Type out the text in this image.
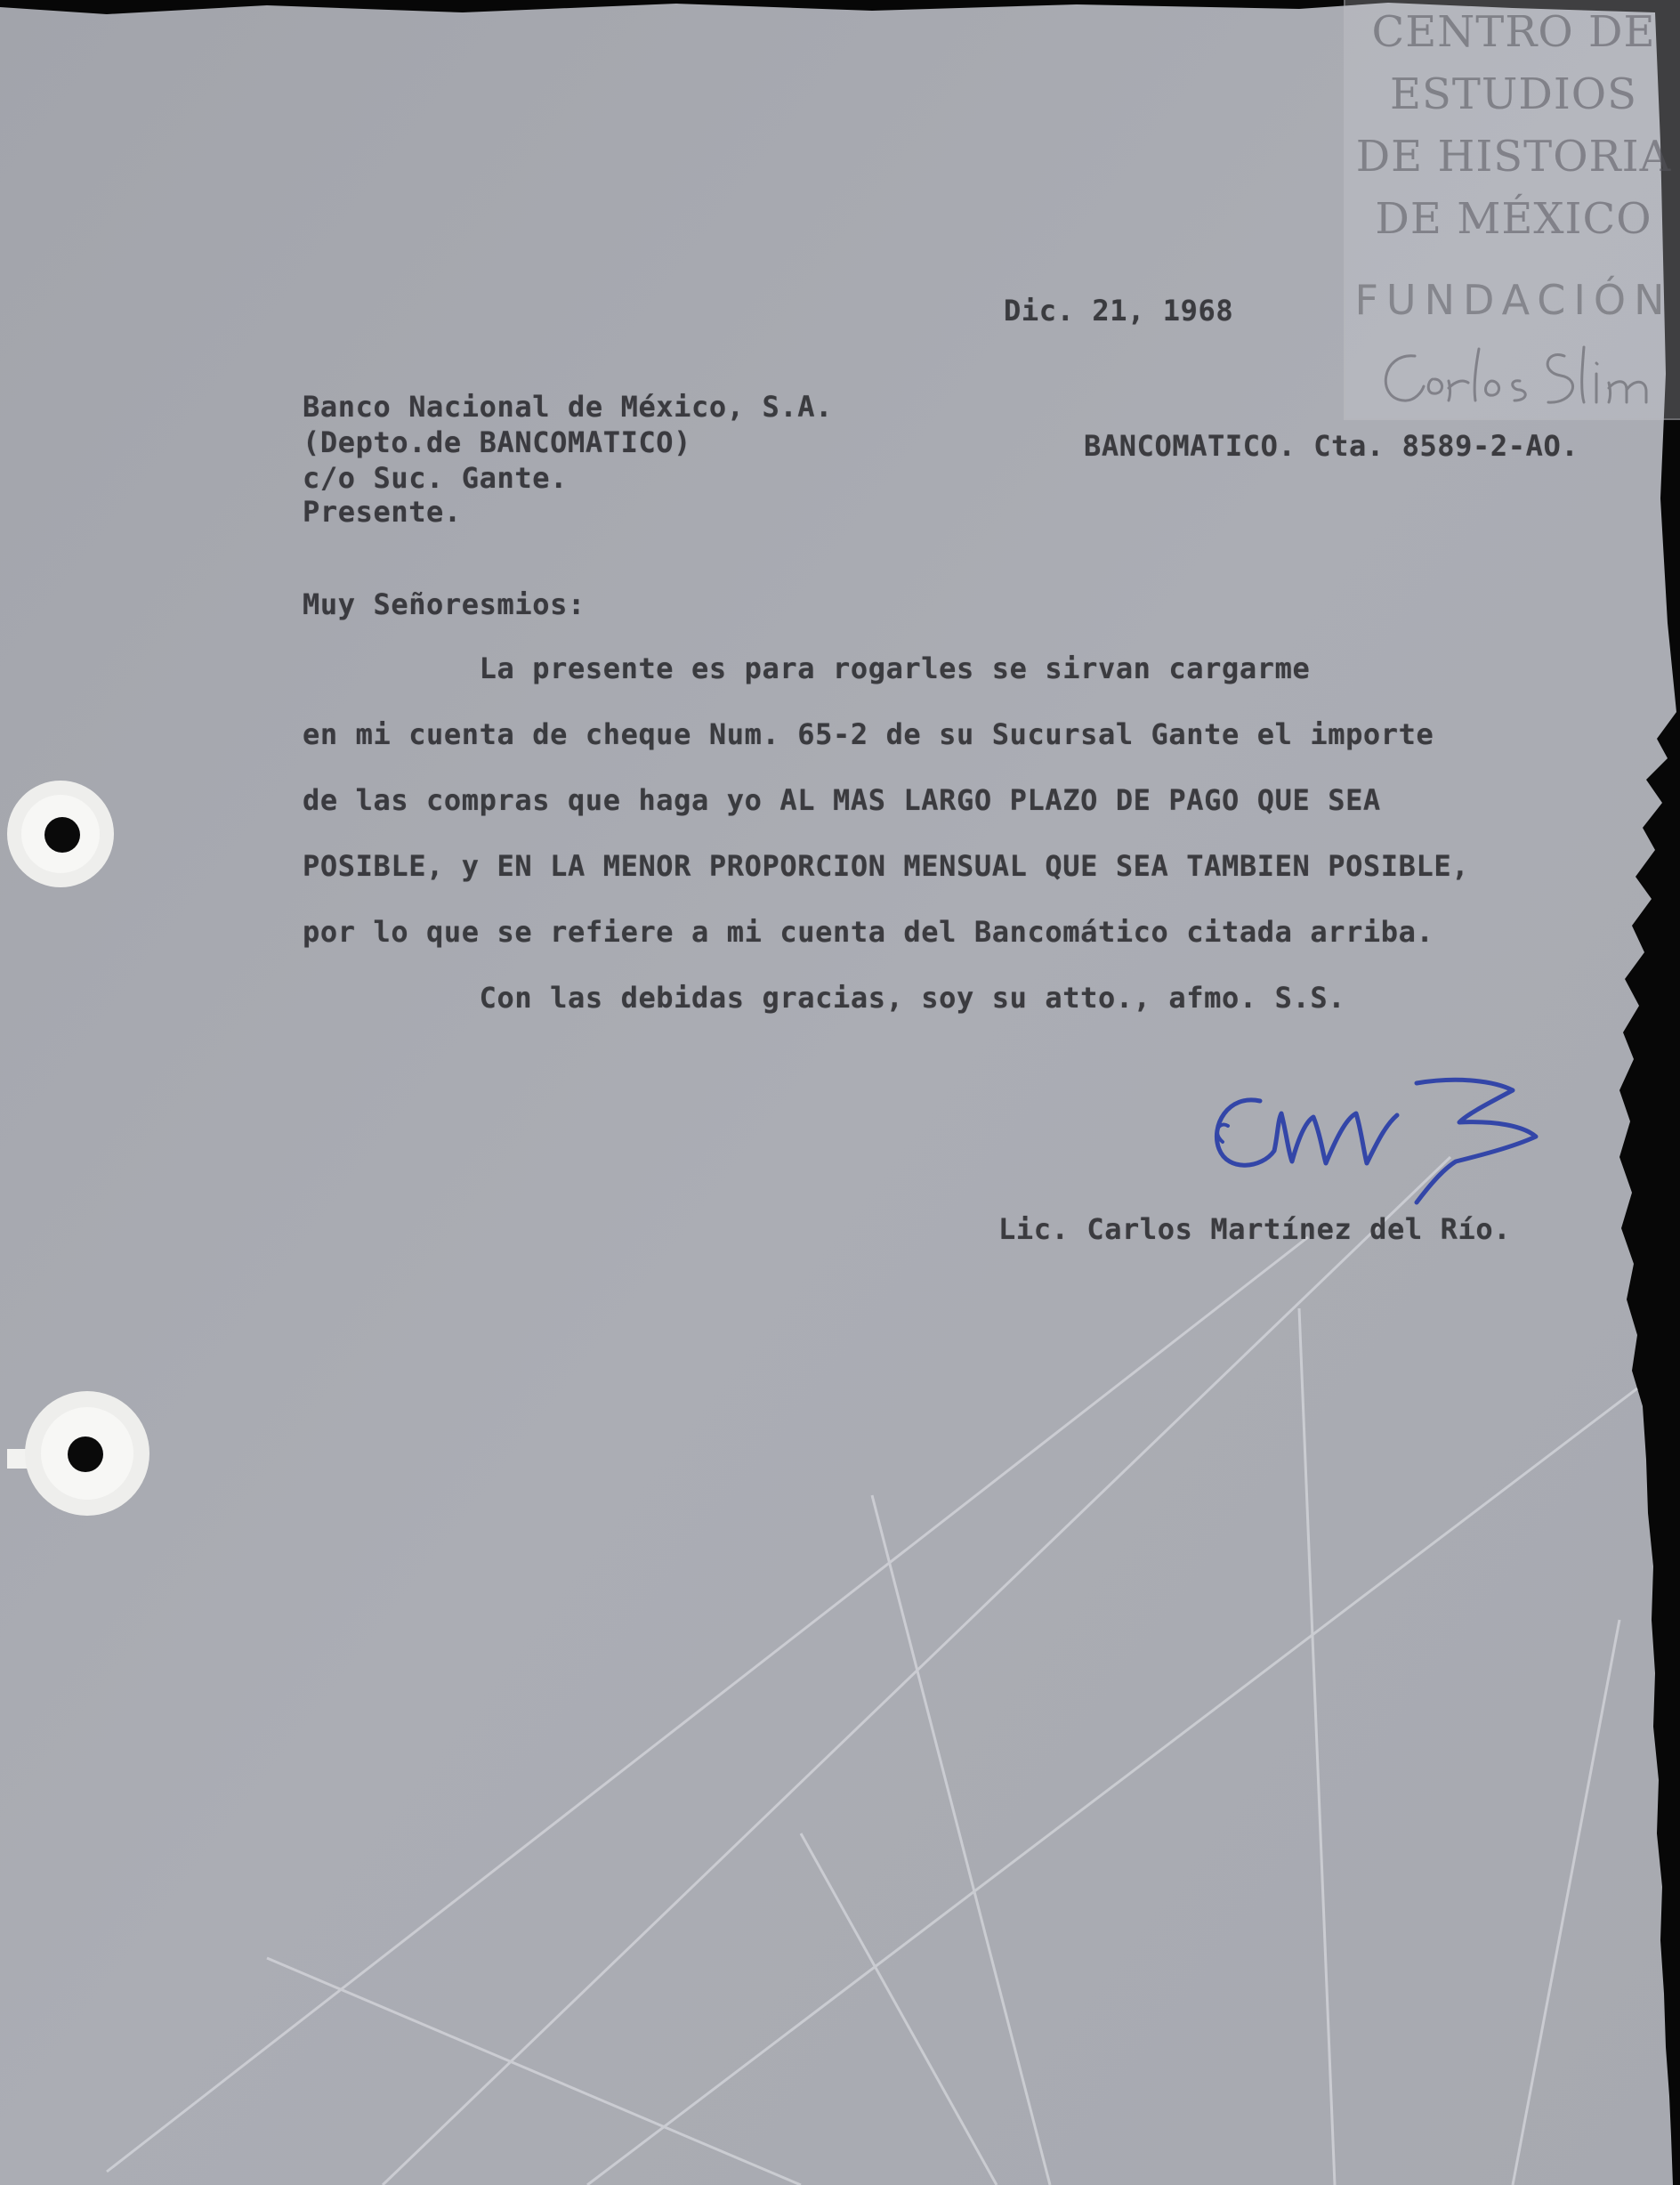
CENTRO DE
ESTUDIOS
DE HISTORIA
DE MÉXICO
FUNDACIÓN
Dic. 21, 1968
Banco Nacional de México, S.A.
(Depto.de BANCOMATICO)
c/o Suc. Gante.
Presente.
BANCOMATICO. Cta. 8589-2-AO.
Muy Señoresmios:
La presente es para rogarles se sirvan cargarme
en mi cuenta de cheque Num. 65-2 de su Sucursal Gante el importe
de las compras que haga yo AL MAS LARGO PLAZO DE PAGO QUE SEA
POSIBLE, y EN LA MENOR PROPORCION MENSUAL QUE SEA TAMBIEN POSIBLE,
por lo que se refiere a mi cuenta del Bancomático citada arriba.
Con las debidas gracias, soy su atto., afmo. S.S.
Lic. Carlos Martínez del Río.
